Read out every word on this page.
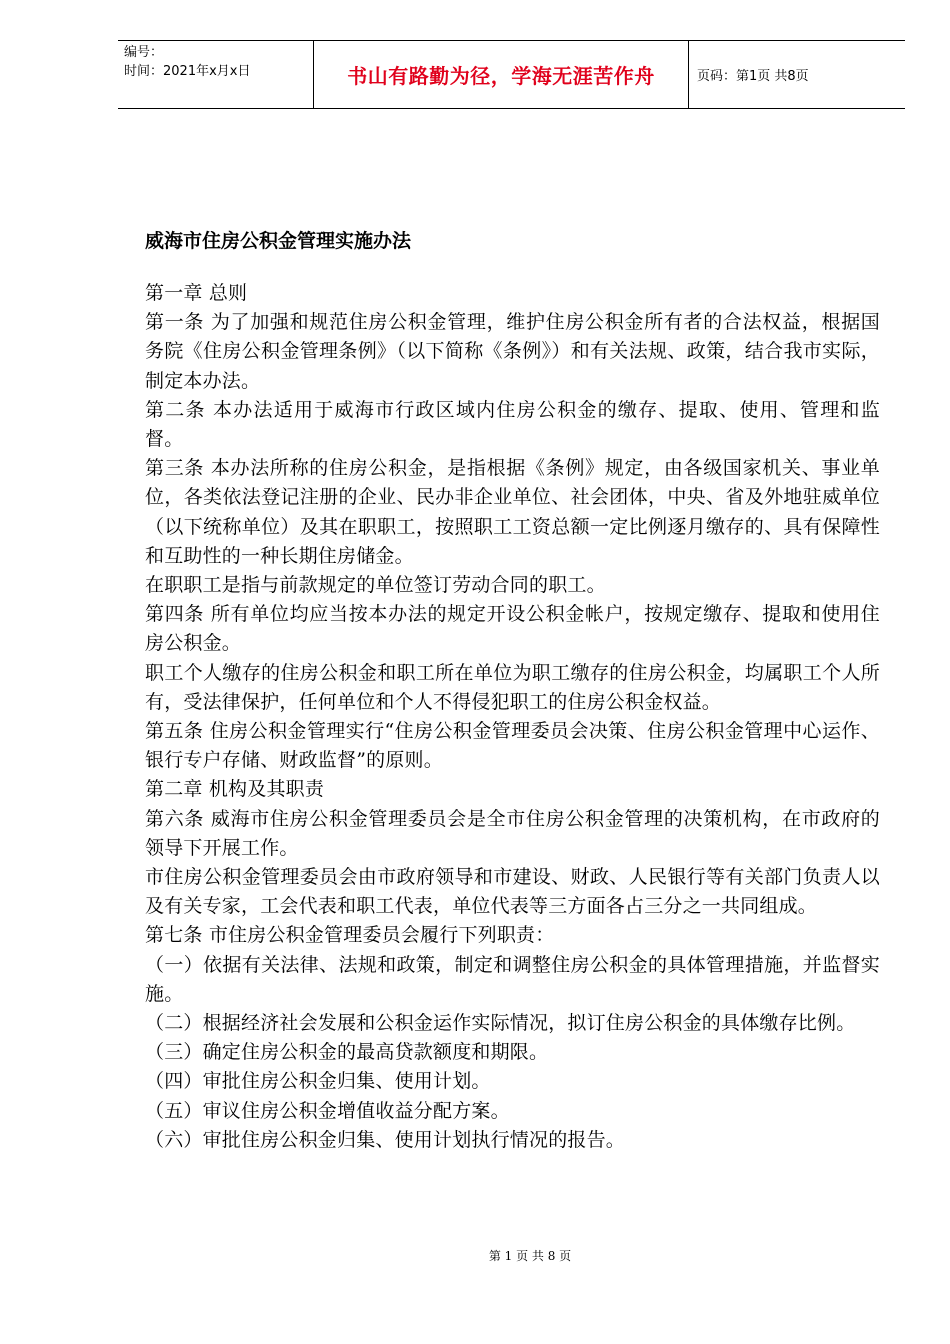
编号：
时间：2021年x月x日	书山有路勤为径，学海无涯苦作舟	页码：第1页 共8页
威海市住房公积金管理实施办法

第一章 总则

第一条 为了加强和规范住房公积金管理，维护住房公积金所有者的合法权益，根据国务院《住房公积金管理条例》（以下简称《条例》）和有关法规、政策，结合我市实际，制定本办法。

第二条 本办法适用于威海市行政区域内住房公积金的缴存、提取、使用、管理和监督。

第三条 本办法所称的住房公积金，是指根据《条例》规定，由各级国家机关、事业单位，各类依法登记注册的企业、民办非企业单位、社会团体，中央、省及外地驻威单位（以下统称单位）及其在职职工，按照职工工资总额一定比例逐月缴存的、具有保障性和互助性的一种长期住房储金。

在职职工是指与前款规定的单位签订劳动合同的职工。

第四条 所有单位均应当按本办法的规定开设公积金帐户，按规定缴存、提取和使用住房公积金。

职工个人缴存的住房公积金和职工所在单位为职工缴存的住房公积金，均属职工个人所有，受法律保护，任何单位和个人不得侵犯职工的住房公积金权益。

第五条 住房公积金管理实行“住房公积金管理委员会决策、住房公积金管理中心运作、银行专户存储、财政监督”的原则。

第二章 机构及其职责

第六条 威海市住房公积金管理委员会是全市住房公积金管理的决策机构，在市政府的领导下开展工作。

市住房公积金管理委员会由市政府领导和市建设、财政、人民银行等有关部门负责人以及有关专家，工会代表和职工代表，单位代表等三方面各占三分之一共同组成。

第七条 市住房公积金管理委员会履行下列职责：

（一）依据有关法律、法规和政策，制定和调整住房公积金的具体管理措施，并监督实施。

（二）根据经济社会发展和公积金运作实际情况，拟订住房公积金的具体缴存比例。

（三）确定住房公积金的最高贷款额度和期限。

（四）审批住房公积金归集、使用计划。

（五）审议住房公积金增值收益分配方案。

（六）审批住房公积金归集、使用计划执行情况的报告。

第 1 页 共 8 页
